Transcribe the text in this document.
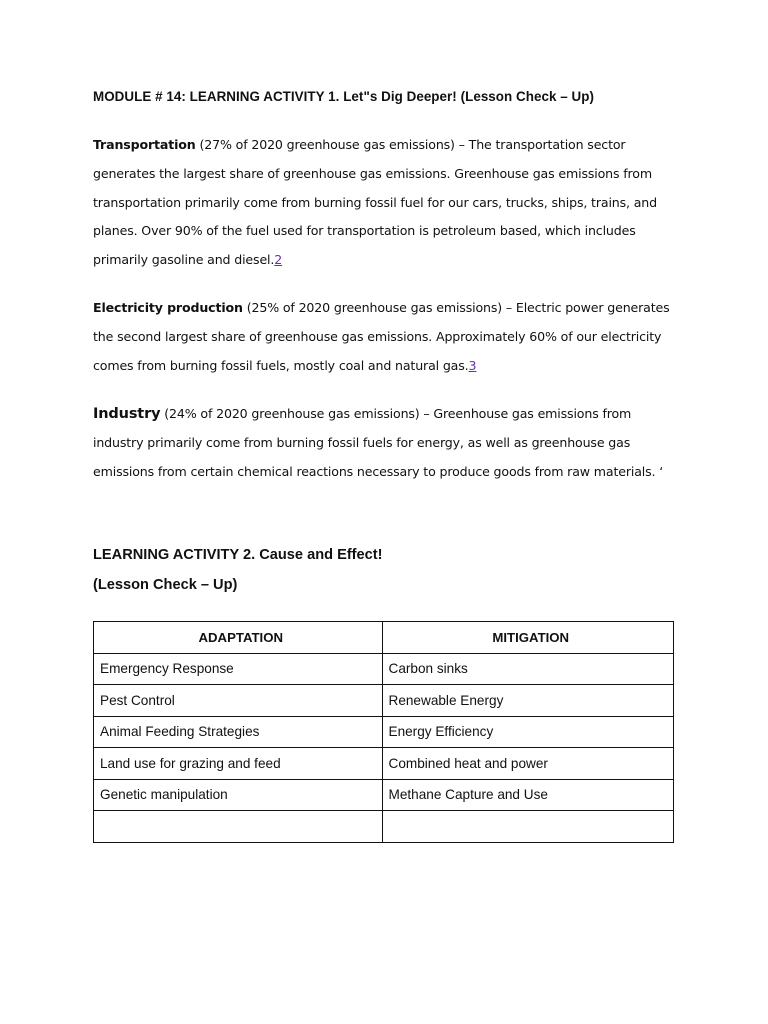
MODULE # 14: LEARNING ACTIVITY 1. Let"s Dig Deeper! (Lesson Check – Up)

Transportation (27% of 2020 greenhouse gas emissions) – The transportation sector generates the largest share of greenhouse gas emissions. Greenhouse gas emissions from transportation primarily come from burning fossil fuel for our cars, trucks, ships, trains, and planes. Over 90% of the fuel used for transportation is petroleum based, which includes primarily gasoline and diesel.2

Electricity production (25% of 2020 greenhouse gas emissions) – Electric power generates the second largest share of greenhouse gas emissions. Approximately 60% of our electricity comes from burning fossil fuels, mostly coal and natural gas.3

Industry (24% of 2020 greenhouse gas emissions) – Greenhouse gas emissions from industry primarily come from burning fossil fuels for energy, as well as greenhouse gas emissions from certain chemical reactions necessary to produce goods from raw materials. ‘

LEARNING ACTIVITY 2. Cause and Effect!
(Lesson Check – Up)
ADAPTATION	MITIGATION
Emergency Response	Carbon sinks
Pest Control	Renewable Energy
Animal Feeding Strategies	Energy Efficiency
Land use for grazing and feed	Combined heat and power
Genetic manipulation	Methane Capture and Use
